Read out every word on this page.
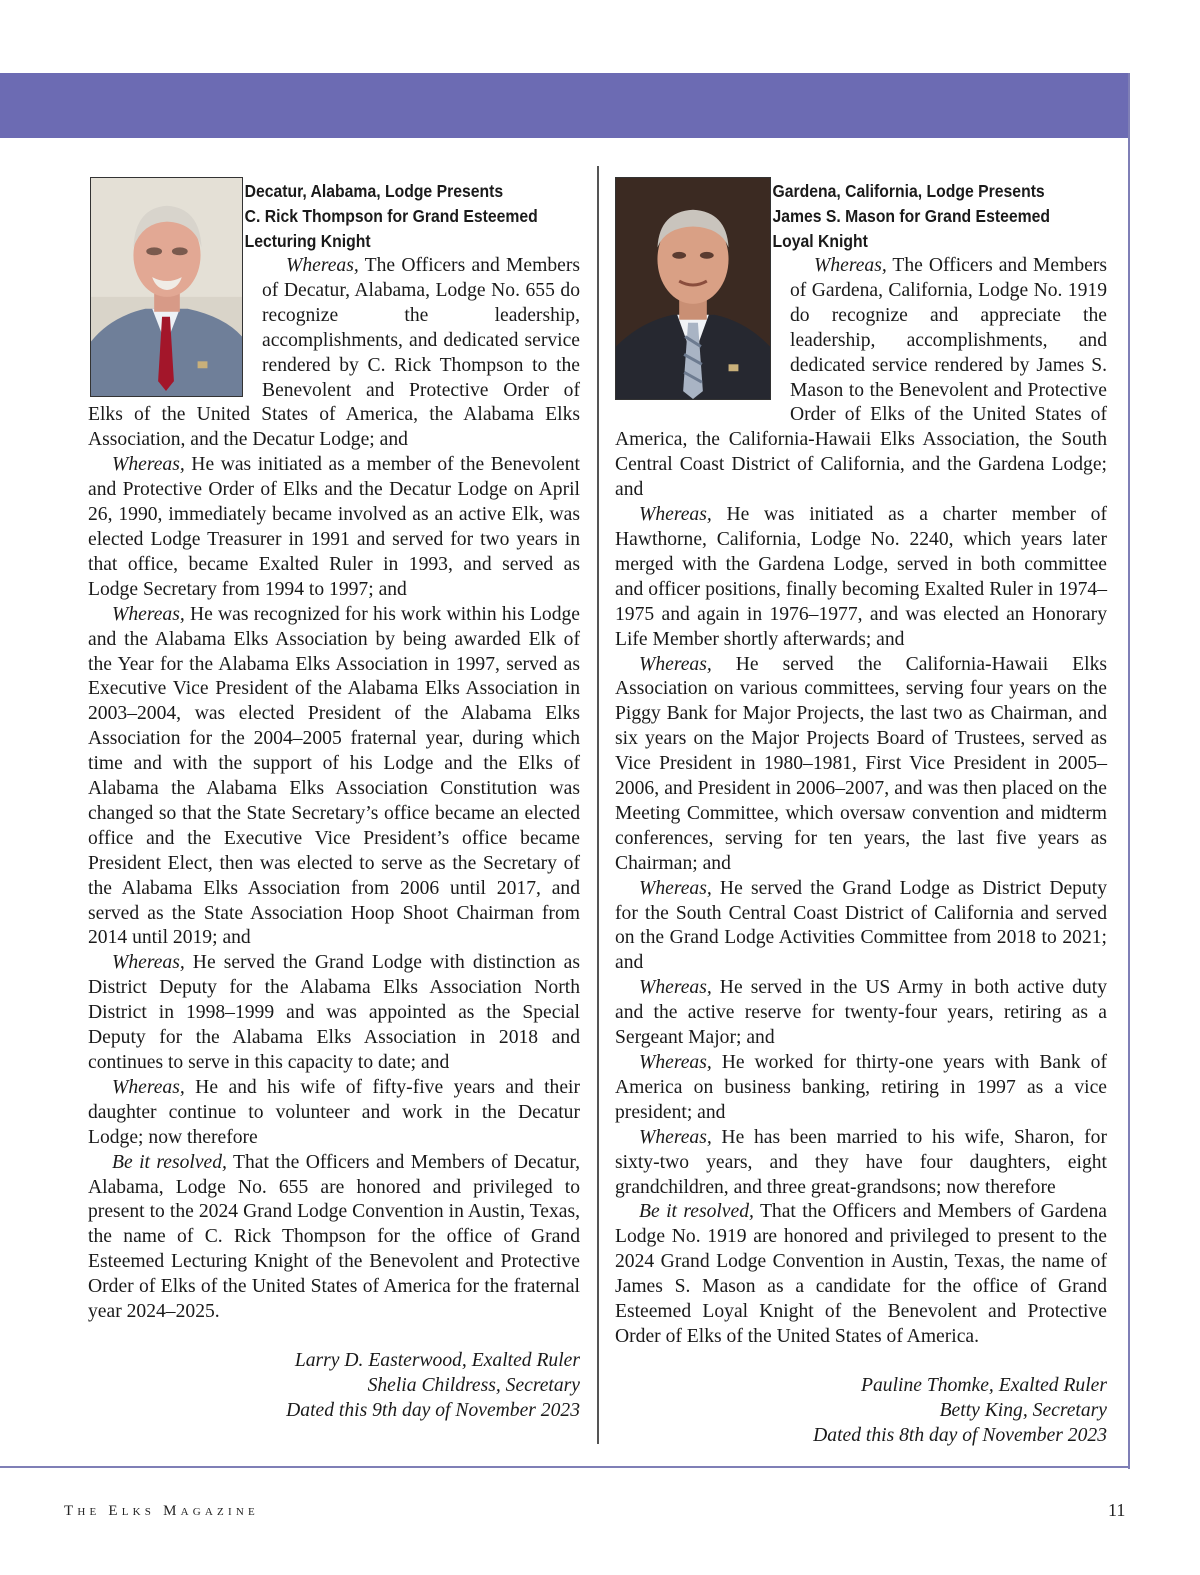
Decatur, Alabama, Lodge Presents
C. Rick Thompson for Grand Esteemed
Lecturing Knight

Whereas, The Officers and Members of Decatur, Alabama, Lodge No. 655 do recognize the leadership, accomplishments, and dedicated service rendered by C. Rick Thompson to the Benevolent and Protective Order of Elks of the United States of America, the Alabama Elks Association, and the Decatur Lodge; and

Whereas, He was initiated as a member of the Benevolent and Protective Order of Elks and the Decatur Lodge on April 26, 1990, immediately became involved as an active Elk, was elected Lodge Treasurer in 1991 and served for two years in that office, became Exalted Ruler in 1993, and served as Lodge Secretary from 1994 to 1997; and

Whereas, He was recognized for his work within his Lodge and the Alabama Elks Association by being awarded Elk of the Year for the Alabama Elks Association in 1997, served as Executive Vice President of the Alabama Elks Association in 2003–2004, was elected President of the Alabama Elks Association for the 2004–2005 fraternal year, during which time and with the support of his Lodge and the Elks of Alabama the Alabama Elks Association Constitution was changed so that the State Secretary’s office became an elected office and the Executive Vice President’s office became President Elect, then was elected to serve as the Secretary of the Alabama Elks Association from 2006 until 2017, and served as the State Association Hoop Shoot Chairman from 2014 until 2019; and

Whereas, He served the Grand Lodge with distinction as District Deputy for the Alabama Elks Association North District in 1998–1999 and was appointed as the Special Deputy for the Alabama Elks Association in 2018 and continues to serve in this capacity to date; and

Whereas, He and his wife of fifty-five years and their daughter continue to volunteer and work in the Decatur Lodge; now therefore

Be it resolved, That the Officers and Members of Decatur, Alabama, Lodge No. 655 are honored and privileged to present to the 2024 Grand Lodge Convention in Austin, Texas, the name of C. Rick Thompson for the office of Grand Esteemed Lecturing Knight of the Benevolent and Protective Order of Elks of the United States of America for the fraternal year 2024–2025.

Larry D. Easterwood, Exalted Ruler
Shelia Childress, Secretary
Dated this 9th day of November 2023
Gardena, California, Lodge Presents
James S. Mason for Grand Esteemed
Loyal Knight

Whereas, The Officers and Members of Gardena, California, Lodge No. 1919 do recognize and appreciate the leadership, accomplishments, and dedicated service rendered by James S. Mason to the Benevolent and Protective Order of Elks of the United States of America, the California-Hawaii Elks Association, the South Central Coast District of California, and the Gardena Lodge; and

Whereas, He was initiated as a charter member of Hawthorne, California, Lodge No. 2240, which years later merged with the Gardena Lodge, served in both committee and officer positions, finally becoming Exalted Ruler in 1974–1975 and again in 1976–1977, and was elected an Honorary Life Member shortly afterwards; and

Whereas, He served the California-Hawaii Elks Association on various committees, serving four years on the Piggy Bank for Major Projects, the last two as Chairman, and six years on the Major Projects Board of Trustees, served as Vice President in 1980–1981, First Vice President in 2005–2006, and President in 2006–2007, and was then placed on the Meeting Committee, which oversaw convention and midterm conferences, serving for ten years, the last five years as Chairman; and

Whereas, He served the Grand Lodge as District Deputy for the South Central Coast District of California and served on the Grand Lodge Activities Committee from 2018 to 2021; and

Whereas, He served in the US Army in both active duty and the active reserve for twenty-four years, retiring as a Sergeant Major; and

Whereas, He worked for thirty-one years with Bank of America on business banking, retiring in 1997 as a vice president; and

Whereas, He has been married to his wife, Sharon, for sixty-two years, and they have four daughters, eight grandchildren, and three great-grandsons; now therefore

Be it resolved, That the Officers and Members of Gardena Lodge No. 1919 are honored and privileged to present to the 2024 Grand Lodge Convention in Austin, Texas, the name of James S. Mason as a candidate for the office of Grand Esteemed Loyal Knight of the Benevolent and Protective Order of Elks of the United States of America.

Pauline Thomke, Exalted Ruler
Betty King, Secretary
Dated this 8th day of November 2023
The Elks Magazine	11
